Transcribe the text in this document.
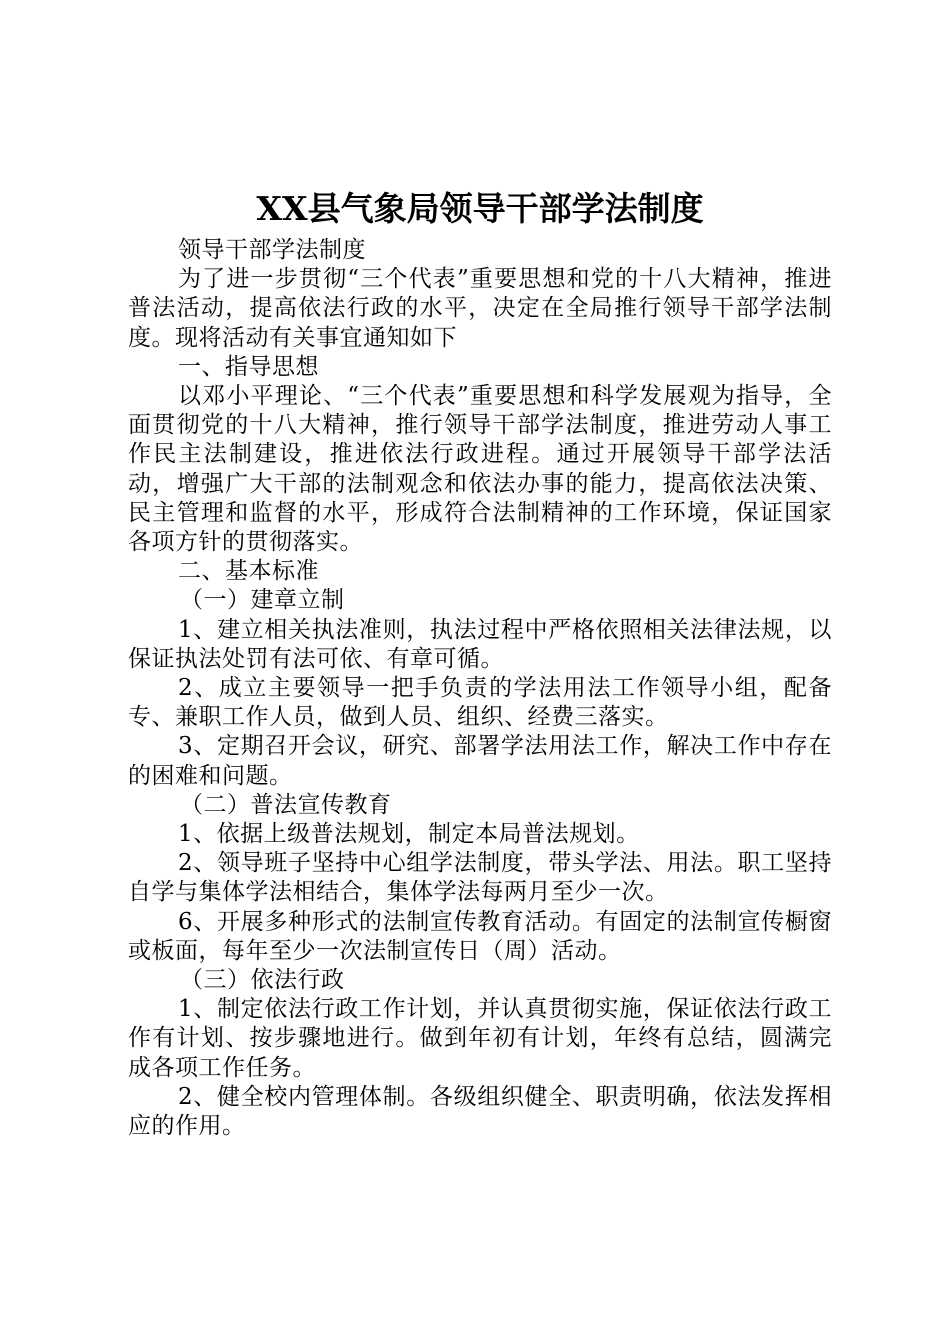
XX县气象局领导干部学法制度

领导干部学法制度

为了进一步贯彻“三个代表”重要思想和党的十八大精神，推进普法活动，提高依法行政的水平，决定在全局推行领导干部学法制度。现将活动有关事宜通知如下

一、指导思想

以邓小平理论、“三个代表”重要思想和科学发展观为指导，全面贯彻党的十八大精神，推行领导干部学法制度，推进劳动人事工作民主法制建设，推进依法行政进程。通过开展领导干部学法活动，增强广大干部的法制观念和依法办事的能力，提高依法决策、民主管理和监督的水平，形成符合法制精神的工作环境，保证国家各项方针的贯彻落实。

二、基本标准

（一）建章立制

1、建立相关执法准则，执法过程中严格依照相关法律法规，以保证执法处罚有法可依、有章可循。

2、成立主要领导一把手负责的学法用法工作领导小组，配备专、兼职工作人员，做到人员、组织、经费三落实。

3、定期召开会议，研究、部署学法用法工作，解决工作中存在的困难和问题。

（二）普法宣传教育

1、依据上级普法规划，制定本局普法规划。

2、领导班子坚持中心组学法制度，带头学法、用法。职工坚持自学与集体学法相结合，集体学法每两月至少一次。

6、开展多种形式的法制宣传教育活动。有固定的法制宣传橱窗或板面，每年至少一次法制宣传日（周）活动。

（三）依法行政

1、制定依法行政工作计划，并认真贯彻实施，保证依法行政工作有计划、按步骤地进行。做到年初有计划，年终有总结，圆满完成各项工作任务。

2、健全校内管理体制。各级组织健全、职责明确，依法发挥相应的作用。
